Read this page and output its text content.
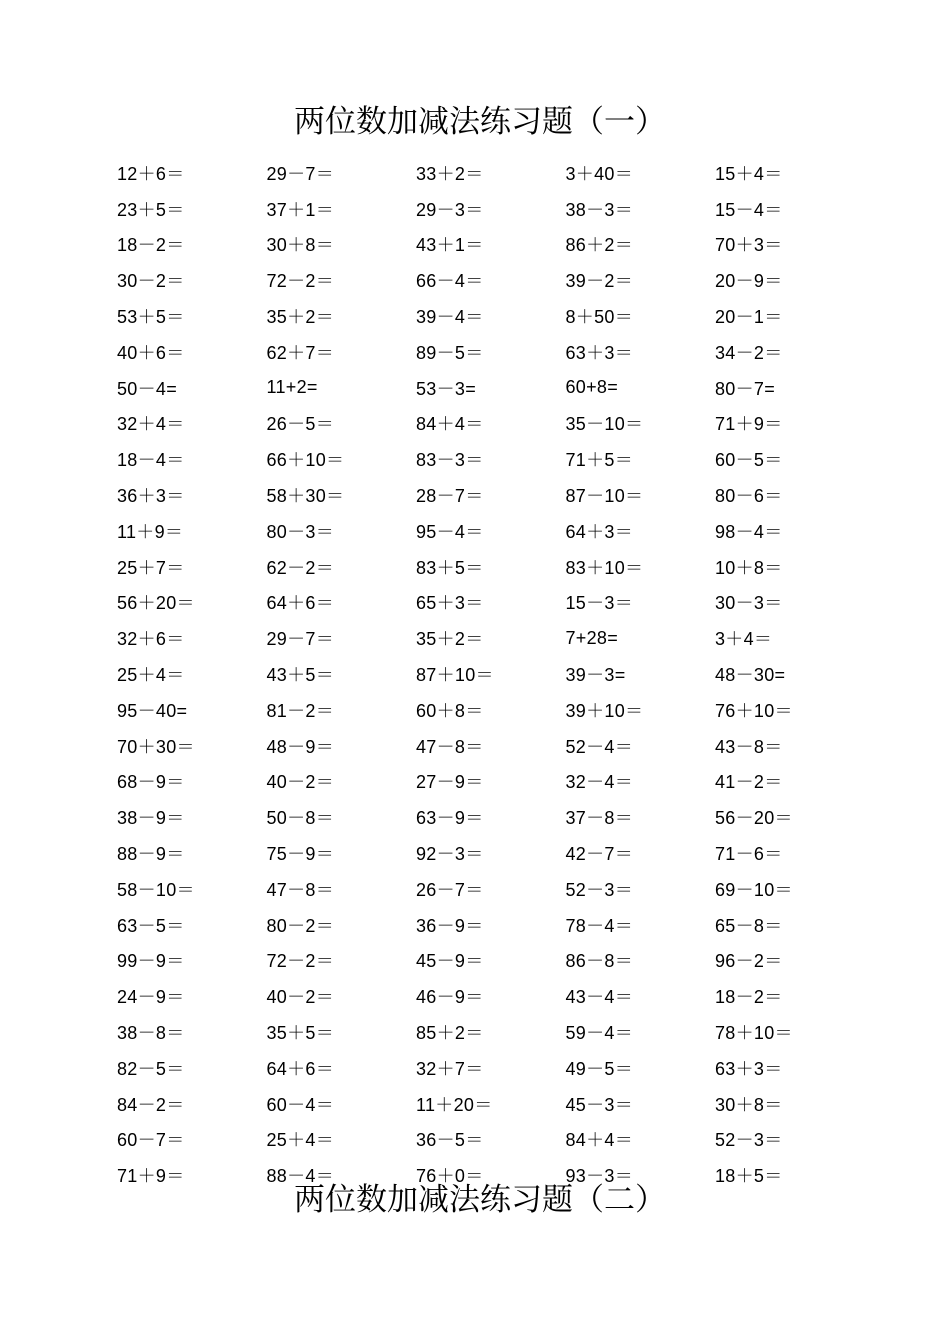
两位数加减法练习题（一）
12＋6＝	29－7＝	33＋2＝	3＋40＝	15＋4＝
23＋5＝	37＋1＝	29－3＝	38－3＝	15－4＝
18－2＝	30＋8＝	43＋1＝	86＋2＝	70＋3＝
30－2＝	72－2＝	66－4＝	39－2＝	20－9＝
53＋5＝	35＋2＝	39－4＝	8＋50＝	20－1＝
40＋6＝	62＋7＝	89－5＝	63＋3＝	34－2＝
50－4=	11+2=	53－3=	60+8=	80－7=
32＋4＝	26－5＝	84＋4＝	35－10＝	71＋9＝
18－4＝	66＋10＝	83－3＝	71＋5＝	60－5＝
36＋3＝	58＋30＝	28－7＝	87－10＝	80－6＝
11＋9＝	80－3＝	95－4＝	64＋3＝	98－4＝
25＋7＝	62－2＝	83＋5＝	83＋10＝	10＋8＝
56＋20＝	64＋6＝	65＋3＝	15－3＝	30－3＝
32＋6＝	29－7＝	35＋2＝	7+28=	3＋4＝
25＋4＝	43＋5＝	87＋10＝	39－3=	48－30=
95－40=	81－2＝	60＋8＝	39＋10＝	76＋10＝
70＋30＝	48－9＝	47－8＝	52－4＝	43－8＝
68－9＝	40－2＝	27－9＝	32－4＝	41－2＝
38－9＝	50－8＝	63－9＝	37－8＝	56－20＝
88－9＝	75－9＝	92－3＝	42－7＝	71－6＝
58－10＝	47－8＝	26－7＝	52－3＝	69－10＝
63－5＝	80－2＝	36－9＝	78－4＝	65－8＝
99－9＝	72－2＝	45－9＝	86－8＝	96－2＝
24－9＝	40－2＝	46－9＝	43－4＝	18－2＝
38－8＝	35＋5＝	85＋2＝	59－4＝	78＋10＝
82－5＝	64＋6＝	32＋7＝	49－5＝	63＋3＝
84－2＝	60－4＝	11＋20＝	45－3＝	30＋8＝
60－7＝	25＋4＝	36－5＝	84＋4＝	52－3＝
71＋9＝	88－4＝	76＋0＝	93－3＝	18＋5＝
两位数加减法练习题（二）
